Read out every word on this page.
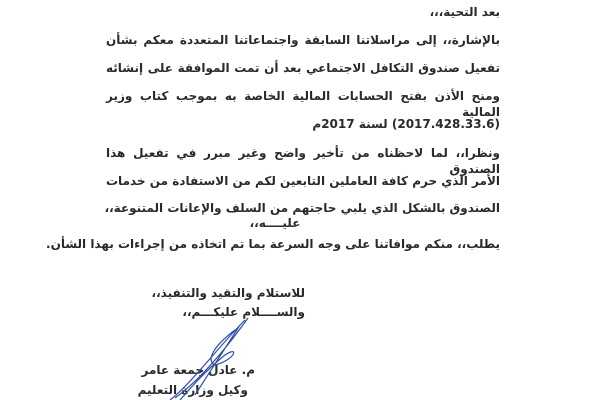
بعد التحية،،،
بالإشارة،، إلى مراسلاتنا السابقة واجتماعاتنا المتعددة معكم بشأن
تفعيل صندوق التكافل الاجتماعي بعد أن تمت الموافقة على إنشائه
ومنح الأذن بفتح الحسابات المالية الخاصة به بموجب كتاب وزير المالية
(2017.428.33.6) لسنة 2017م
ونظرا،، لما لاحظناه من تأخير واضح وغير مبرر في تفعيل هذا الصندوق
الأمر الذي حرم كافة العاملين التابعين لكم من الاستفادة من خدمات
الصندوق بالشكل الذي يلبي حاجتهم من السلف والإعانات المتنوعة،،
عليــــه،،
يطلب،، منكم موافاتنا على وجه السرعة بما تم اتخاذه من إجراءات بهذا الشأن.
للاستلام والتقيد والتنفيذ،،
والســــلام عليكـــم،،
م. عادل جمعة عامر
وكيل وزارة التعليم
